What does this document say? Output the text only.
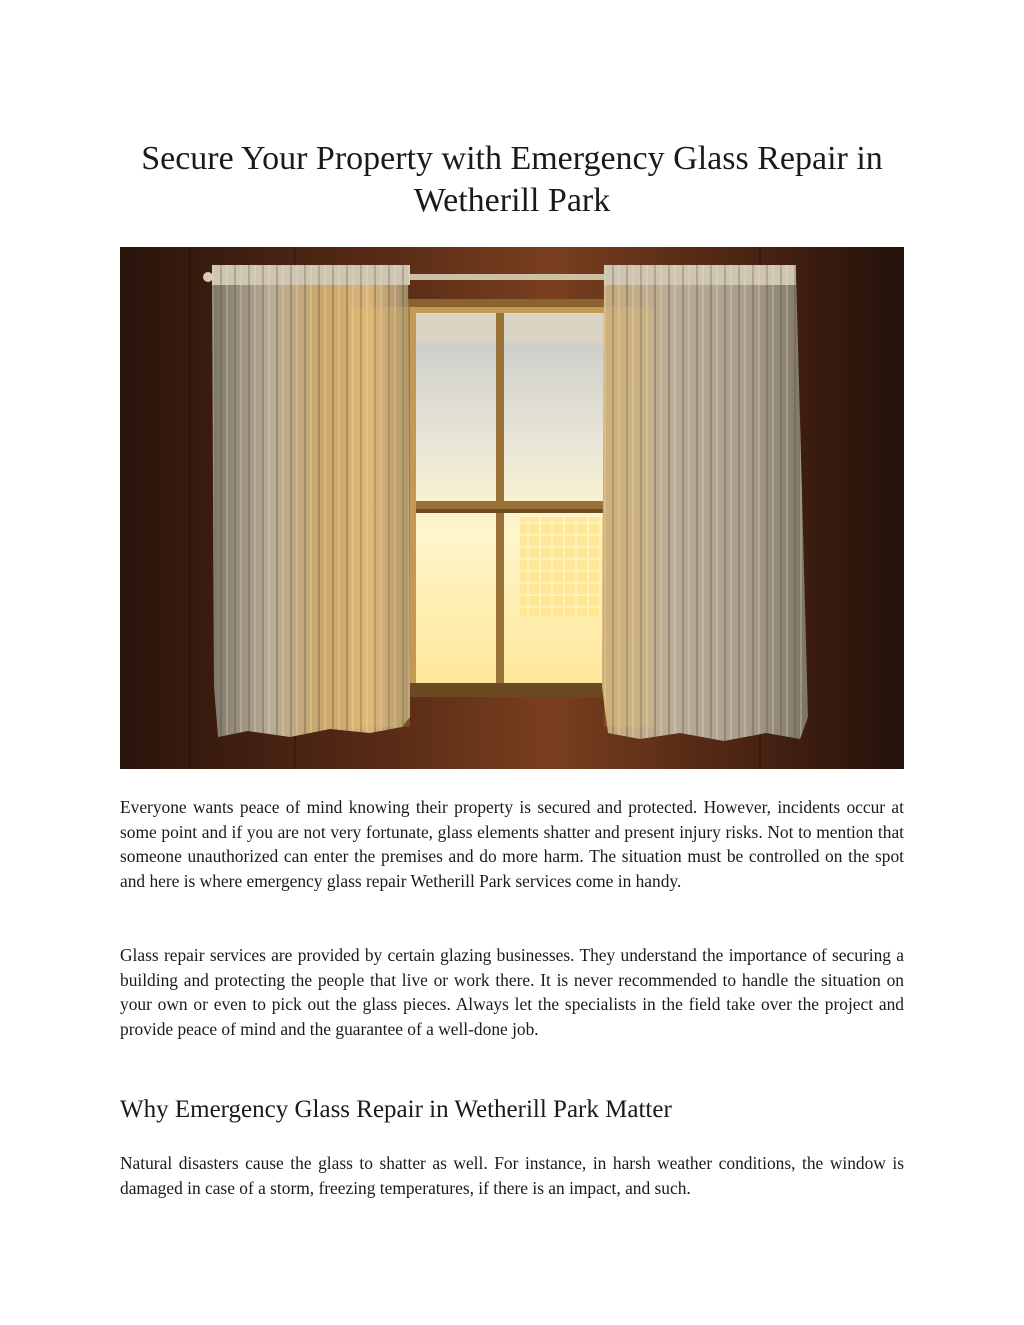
Secure Your Property with Emergency Glass Repair in Wetherill Park

Everyone wants peace of mind knowing their property is secured and protected. However, incidents occur at some point and if you are not very fortunate, glass elements shatter and present injury risks. Not to mention that someone unauthorized can enter the premises and do more harm. The situation must be controlled on the spot and here is where emergency glass repair Wetherill Park services come in handy.

Glass repair services are provided by certain glazing businesses. They understand the importance of securing a building and protecting the people that live or work there. It is never recommended to handle the situation on your own or even to pick out the glass pieces. Always let the specialists in the field take over the project and provide peace of mind and the guarantee of a well-done job.

Why Emergency Glass Repair in Wetherill Park Matter

Natural disasters cause the glass to shatter as well. For instance, in harsh weather conditions, the window is damaged in case of a storm, freezing temperatures, if there is an impact, and such.
